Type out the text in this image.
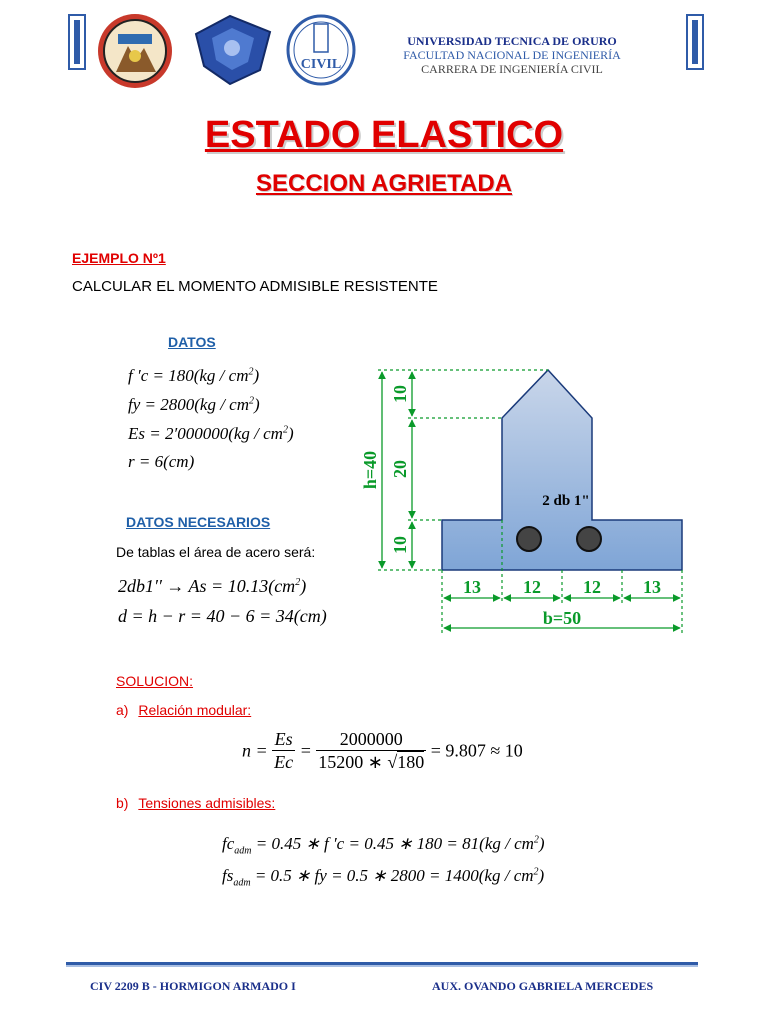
CIVIL
UNIVERSIDAD TECNICA DE ORURO
FACULTAD NACIONAL DE INGENIERÍA
CARRERA DE INGENIERÍA CIVIL
ESTADO ELASTICO
SECCION AGRIETADA
EJEMPLO Nº1
CALCULAR EL MOMENTO ADMISIBLE RESISTENTE
DATOS
f $'c = 180(kg / cm^2)$
fy = $2800(kg / cm^2)$
$Es = 2'000000(kg / cm^2)$
r = 6(cm)
DATOS NECESARIOS
De tablas el área de acero será:
$2db1'' \to As = 10.13(cm^2)$
d = h − r = 40 − 6 = 34(cm)
h=40
10
20
10
13 12 12 13
b=50
2 db 1"
SOLUCION:
a) Relación modular:
$n = \frac{Es}{Ec} = \frac{2000000}{15200 ∗ √180} = 9.807 \approx 10$
b) Tensiones admisibles:
$fc_{adm} = 0.45$ ∗ f ′c = 0.45 ∗ $180 = 81(kg / cm^2)$
$fs_{adm} = 0.5$ ∗ fy = 0.5 ∗ $2800 = 1400(kg / cm^2)$
CIV 2209 B - HORMIGON ARMADO I	AUX. OVANDO GABRIELA MERCEDES
